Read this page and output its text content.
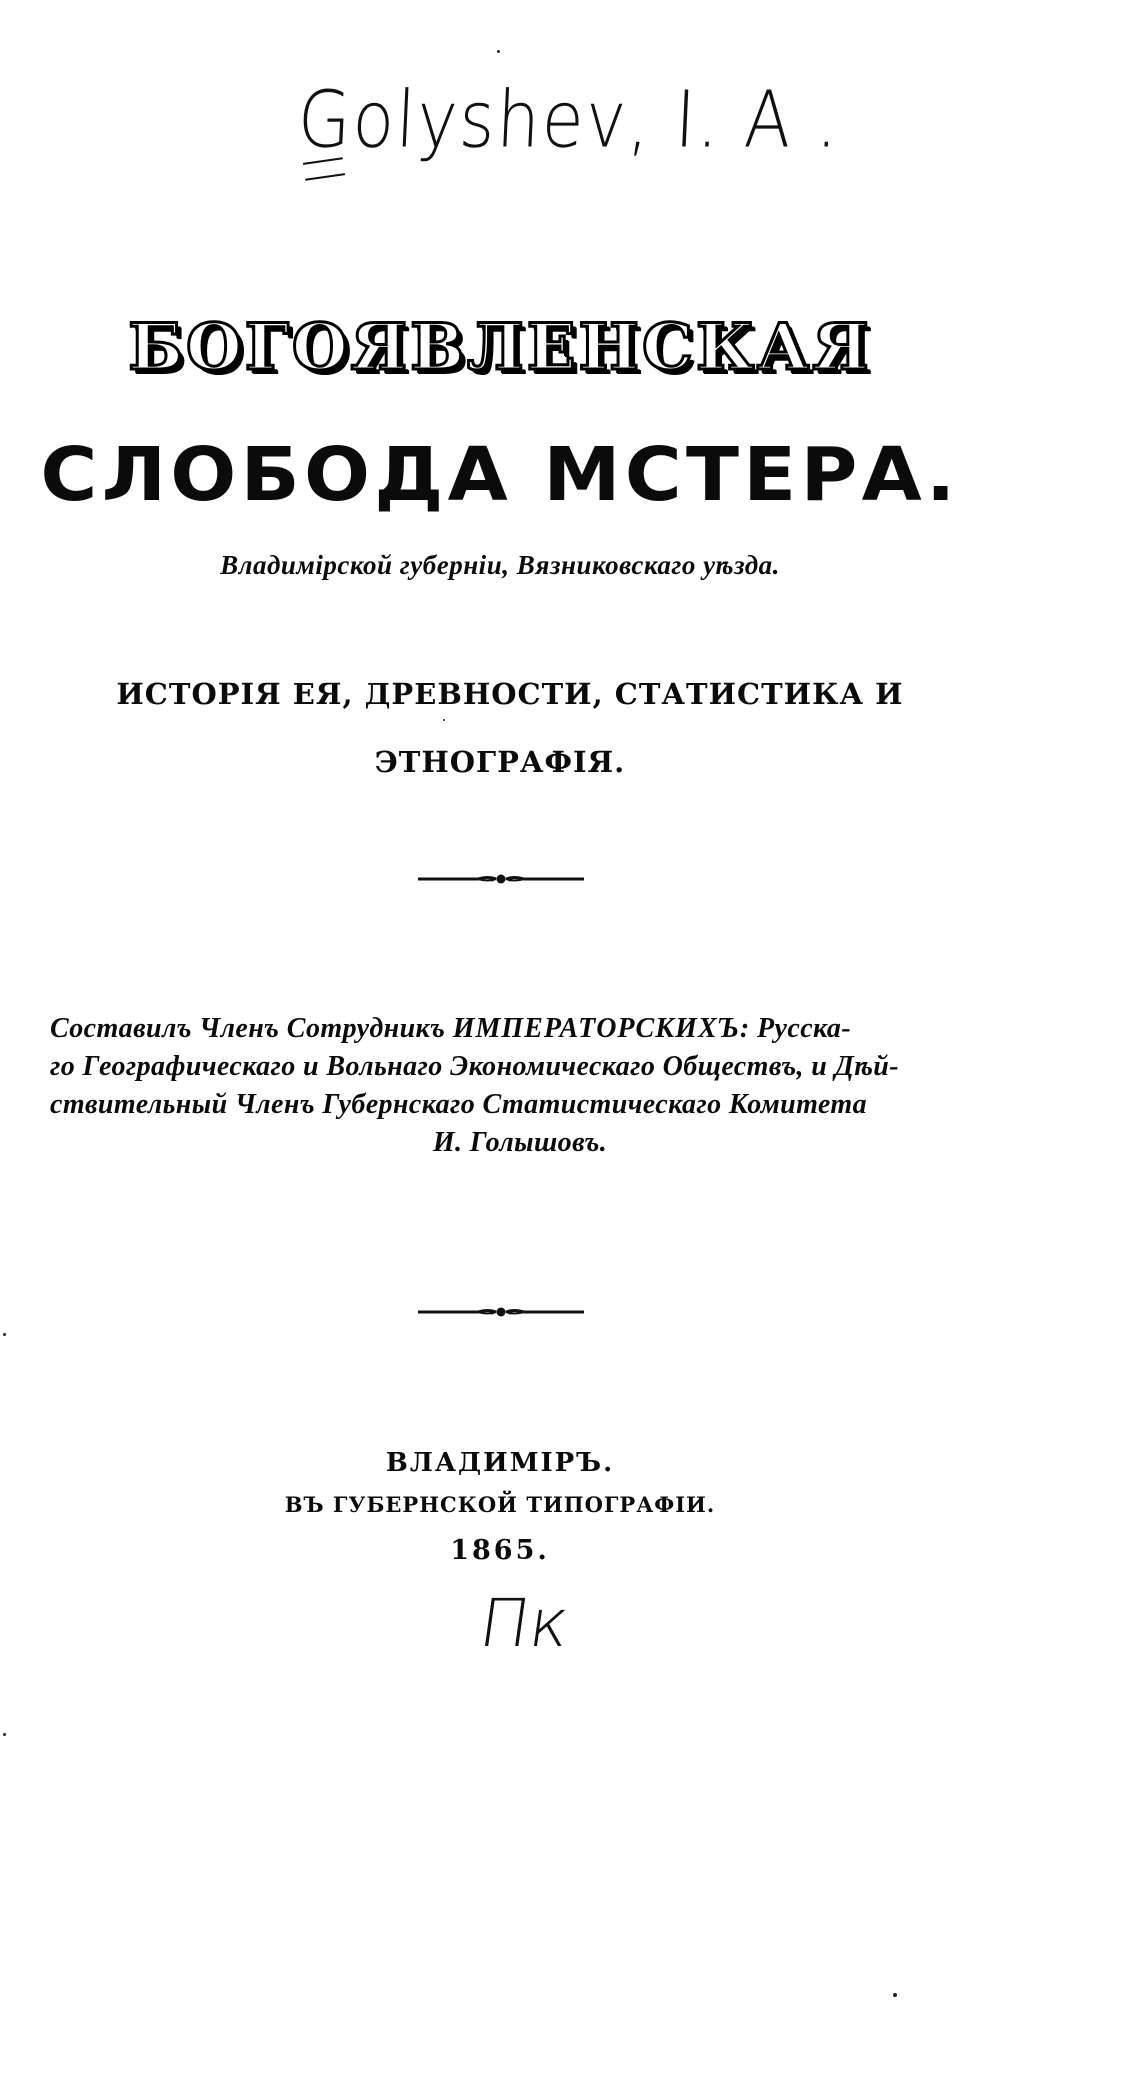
Golyshev, I. A .
БОГОЯВЛЕНСКАЯ
СЛОБОДА МСТЕРА.
Владимірской губерніи, Вязниковскаго уѣзда.
ИСТОРІЯ ЕЯ, ДРЕВНОСТИ, СТАТИСТИКА И
ЭТНОГРАФІЯ.
Составилъ Членъ Сотрудникъ ИМПЕРАТОРСКИХЪ: Русска-
го Географическаго и Вольнаго Экономическаго Обществъ, и Дѣй-
ствительный Членъ Губернскаго Статистическаго Комитета
И. Голышовъ.
ВЛАДИМІРЪ.
ВЪ ГУБЕРНСКОЙ ТИПОГРАФІИ.
1865.
Пк
